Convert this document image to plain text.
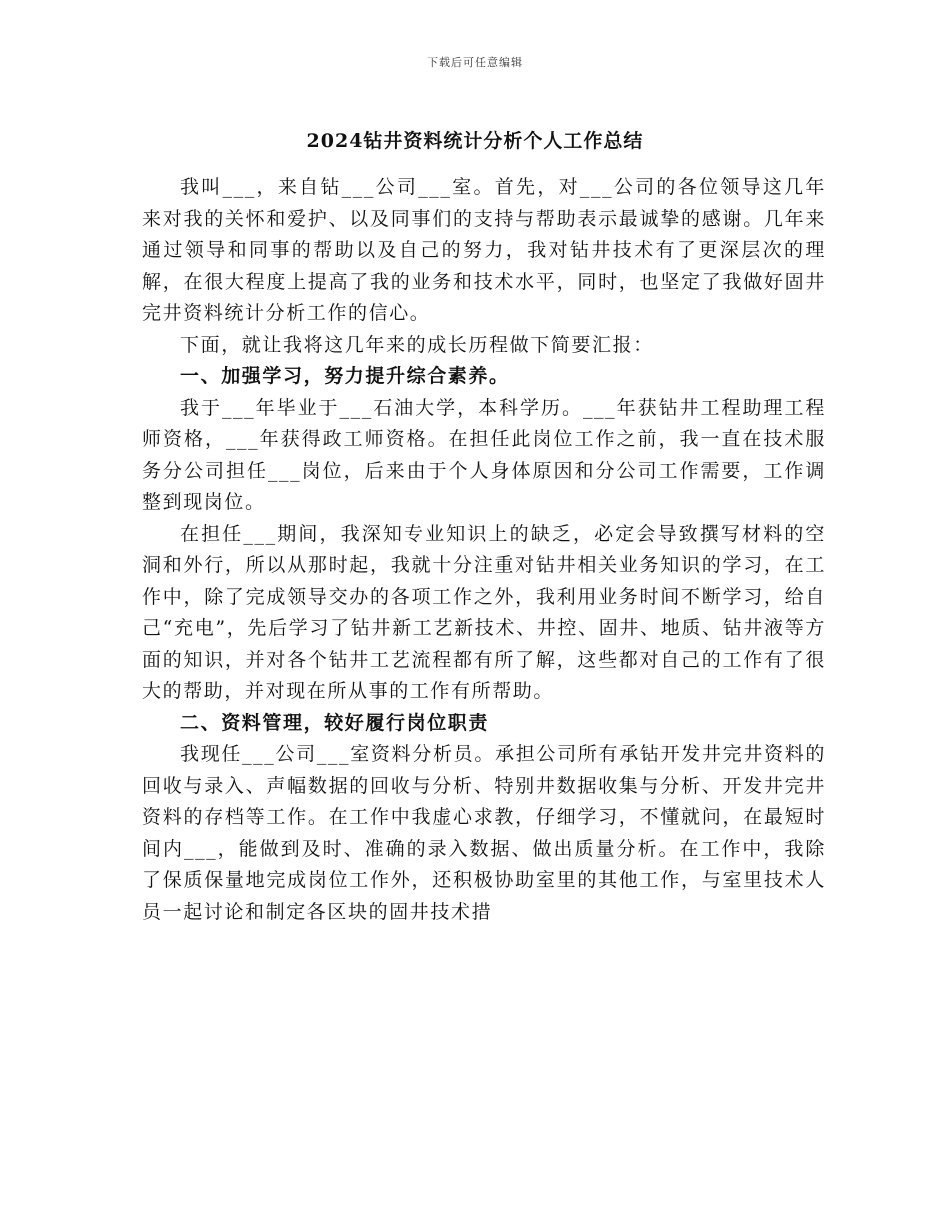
下载后可任意编辑
2024钻井资料统计分析个人工作总结

我叫___，来自钻___公司___室。首先，对___公司的各位领导这几年来对我的关怀和爱护、以及同事们的支持与帮助表示最诚挚的感谢。几年来通过领导和同事的帮助以及自己的努力，我对钻井技术有了更深层次的理解，在很大程度上提高了我的业务和技术水平，同时，也坚定了我做好固井完井资料统计分析工作的信心。

下面，就让我将这几年来的成长历程做下简要汇报：

一、加强学习，努力提升综合素养。

我于___年毕业于___石油大学，本科学历。___年获钻井工程助理工程师资格，___年获得政工师资格。在担任此岗位工作之前，我一直在技术服务分公司担任___岗位，后来由于个人身体原因和分公司工作需要，工作调整到现岗位。

在担任___期间，我深知专业知识上的缺乏，必定会导致撰写材料的空洞和外行，所以从那时起，我就十分注重对钻井相关业务知识的学习，在工作中，除了完成领导交办的各项工作之外，我利用业务时间不断学习，给自己“充电”，先后学习了钻井新工艺新技术、井控、固井、地质、钻井液等方面的知识，并对各个钻井工艺流程都有所了解，这些都对自己的工作有了很大的帮助，并对现在所从事的工作有所帮助。

二、资料管理，较好履行岗位职责

我现任___公司___室资料分析员。承担公司所有承钻开发井完井资料的回收与录入、声幅数据的回收与分析、特别井数据收集与分析、开发井完井资料的存档等工作。在工作中我虚心求教，仔细学习，不懂就问，在最短时间内___，能做到及时、准确的录入数据、做出质量分析。在工作中，我除了保质保量地完成岗位工作外，还积极协助室里的其他工作，与室里技术人员一起讨论和制定各区块的固井技术措
